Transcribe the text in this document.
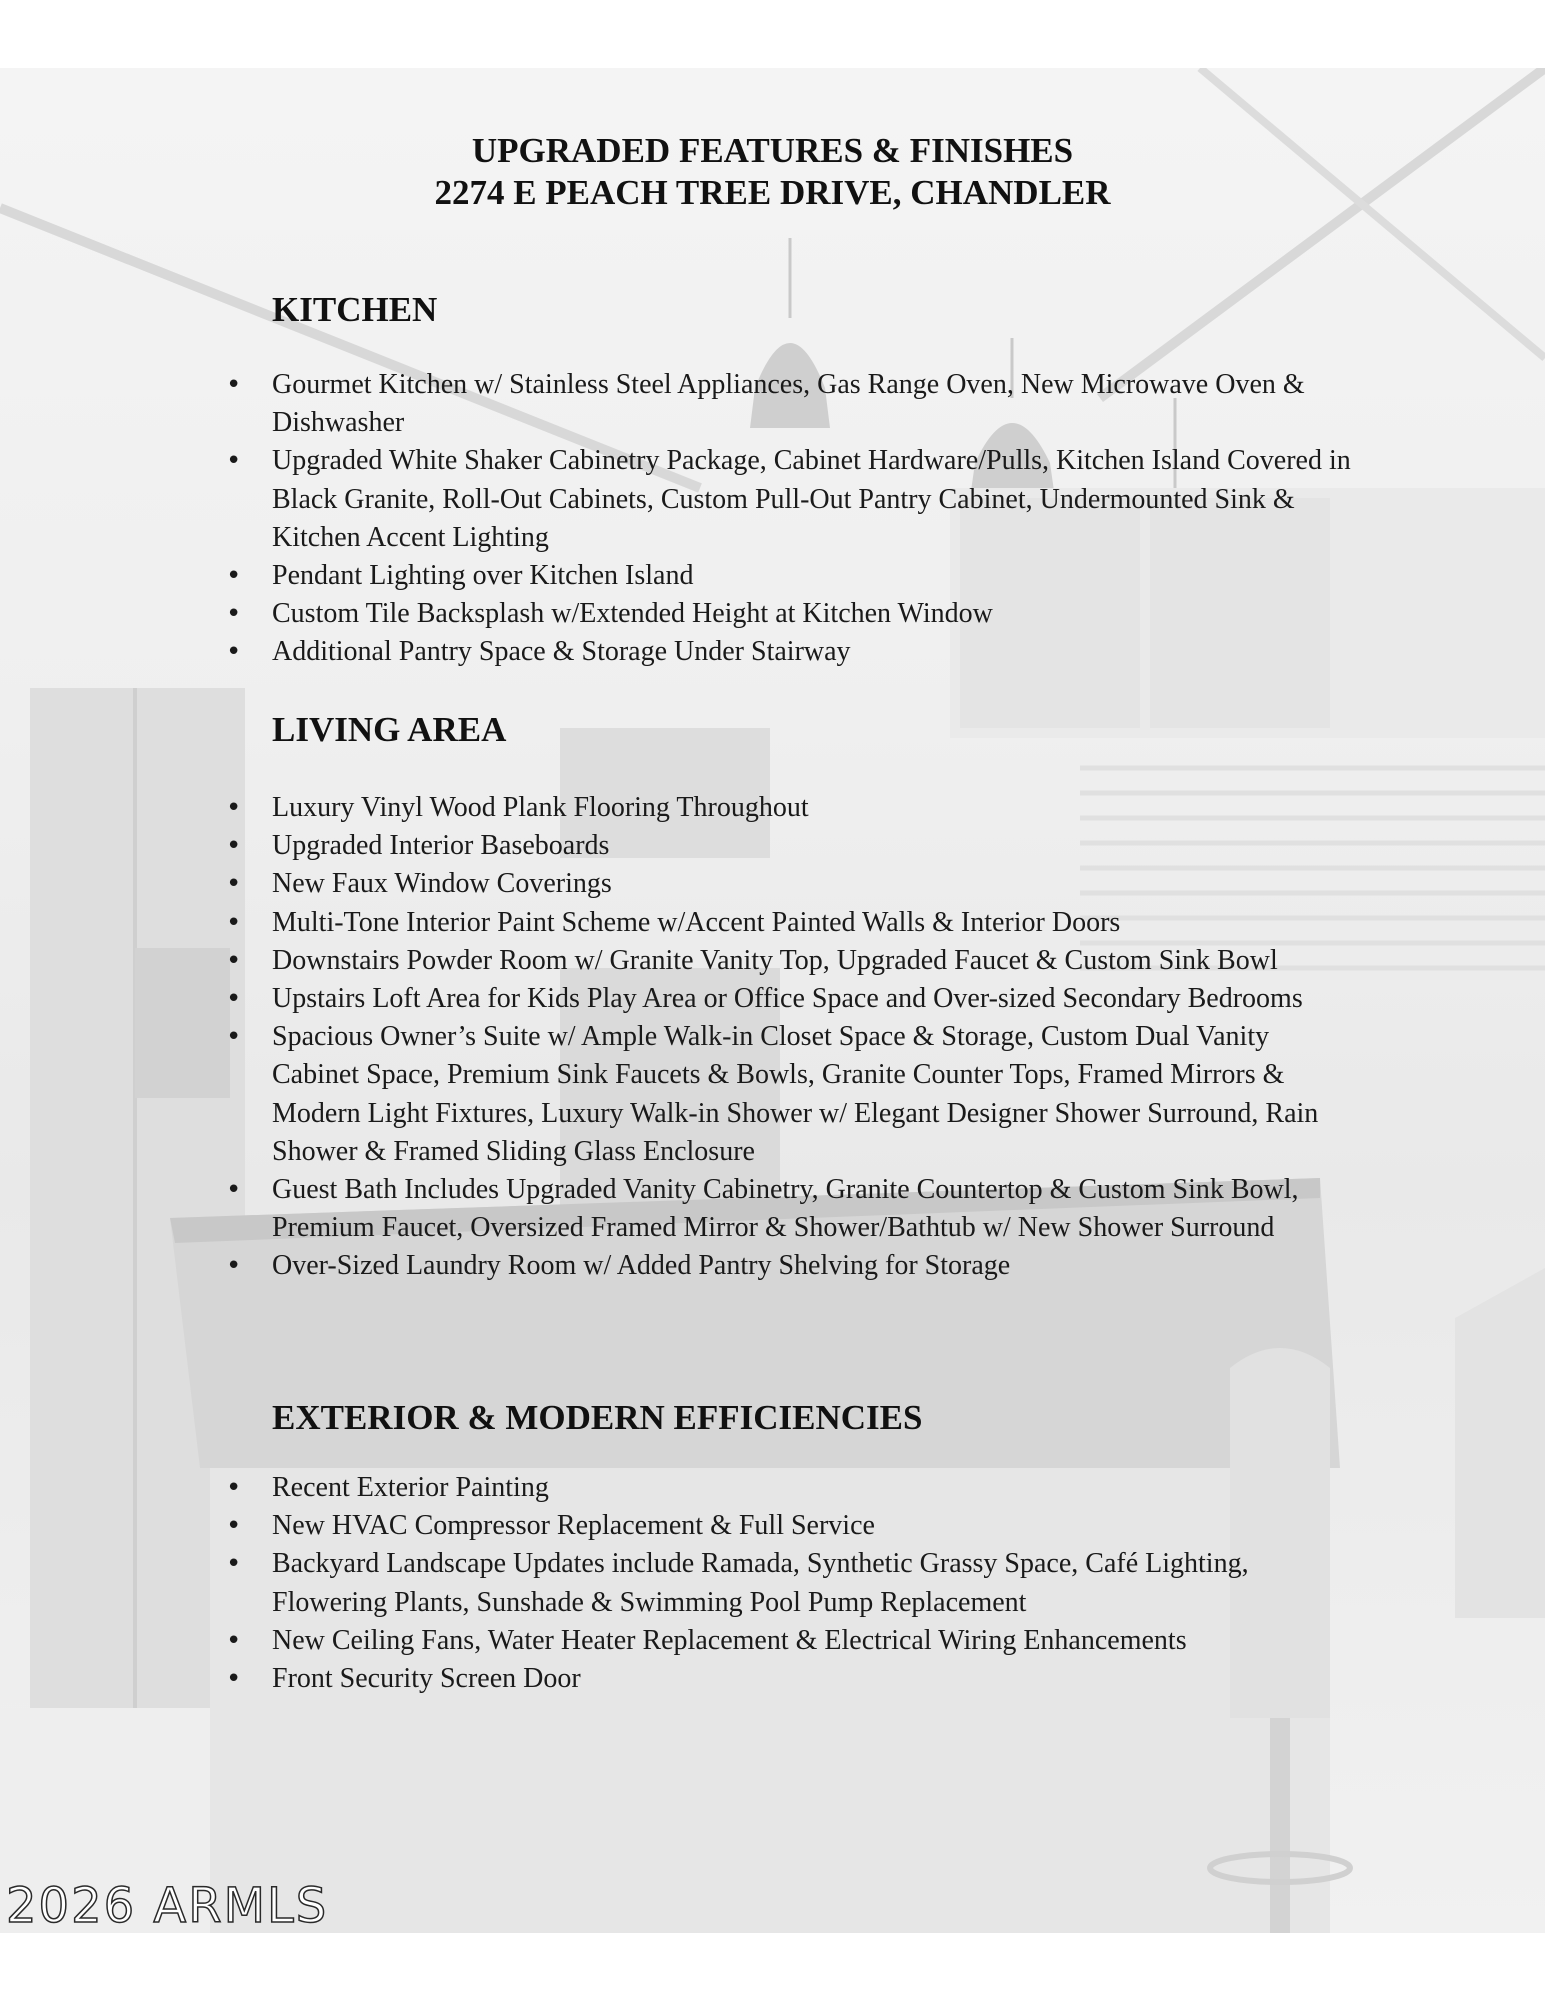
UPGRADED FEATURES & FINISHES
2274 E PEACH TREE DRIVE, CHANDLER
KITCHEN
• Gourmet Kitchen w/ Stainless Steel Appliances, Gas Range Oven, New Microwave Oven & Dishwasher
• Upgraded White Shaker Cabinetry Package, Cabinet Hardware/Pulls, Kitchen Island Covered in Black Granite, Roll-Out Cabinets, Custom Pull-Out Pantry Cabinet, Undermounted Sink & Kitchen Accent Lighting
• Pendant Lighting over Kitchen Island
• Custom Tile Backsplash w/Extended Height at Kitchen Window
• Additional Pantry Space & Storage Under Stairway
LIVING AREA
• Luxury Vinyl Wood Plank Flooring Throughout
• Upgraded Interior Baseboards
• New Faux Window Coverings
• Multi-Tone Interior Paint Scheme w/Accent Painted Walls & Interior Doors
• Downstairs Powder Room w/ Granite Vanity Top, Upgraded Faucet & Custom Sink Bowl
• Upstairs Loft Area for Kids Play Area or Office Space and Over-sized Secondary Bedrooms
• Spacious Owner’s Suite w/ Ample Walk-in Closet Space & Storage, Custom Dual Vanity Cabinet Space, Premium Sink Faucets & Bowls, Granite Counter Tops, Framed Mirrors & Modern Light Fixtures, Luxury Walk-in Shower w/ Elegant Designer Shower Surround, Rain Shower & Framed Sliding Glass Enclosure
• Guest Bath Includes Upgraded Vanity Cabinetry, Granite Countertop & Custom Sink Bowl, Premium Faucet, Oversized Framed Mirror & Shower/Bathtub w/ New Shower Surround
• Over-Sized Laundry Room w/ Added Pantry Shelving for Storage
EXTERIOR & MODERN EFFICIENCIES
• Recent Exterior Painting
• New HVAC Compressor Replacement & Full Service
• Backyard Landscape Updates include Ramada, Synthetic Grassy Space, Café Lighting, Flowering Plants, Sunshade & Swimming Pool Pump Replacement
• New Ceiling Fans, Water Heater Replacement & Electrical Wiring Enhancements
• Front Security Screen Door
2026 ARMLS
